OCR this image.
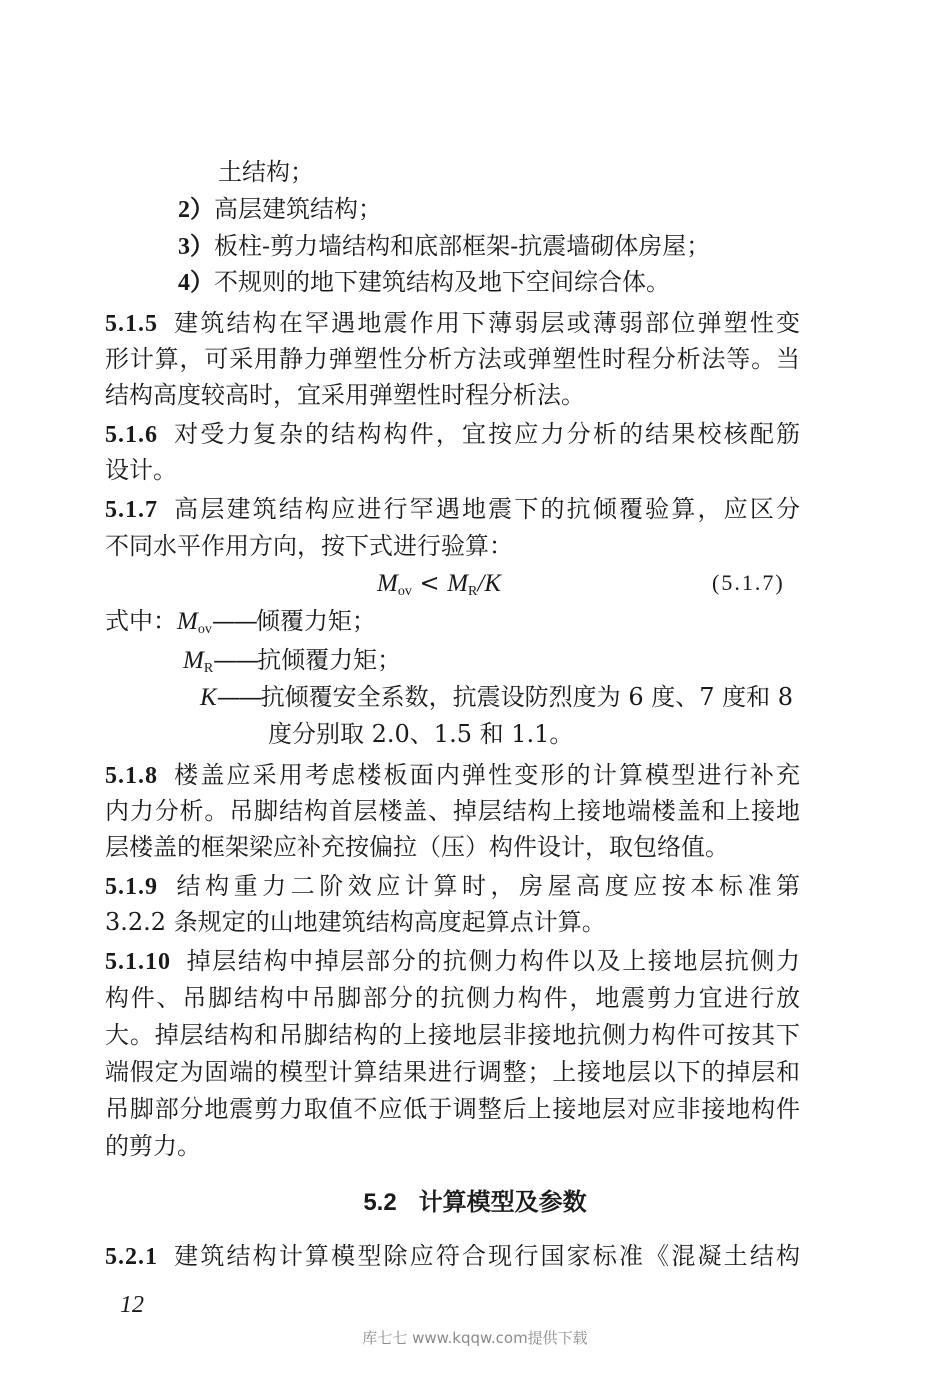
土结构；
2）高层建筑结构；
3）板柱-剪力墙结构和底部框架-抗震墙砌体房屋；
4）不规则的地下建筑结构及地下空间综合体。
5.1.5 建筑结构在罕遇地震作用下薄弱层或薄弱部位弹塑性变
形计算，可采用静力弹塑性分析方法或弹塑性时程分析法等。当
结构高度较高时，宜采用弹塑性时程分析法。
5.1.6 对受力复杂的结构构件，宜按应力分析的结果校核配筋
设计。
5.1.7 高层建筑结构应进行罕遇地震下的抗倾覆验算，应区分
不同水平作用方向，按下式进行验算：
$M_{ov} < M_R/K$	(5.1.7)
式中：$M_{ov}——$倾覆力矩；
$M_R——$抗倾覆力矩；
K——抗倾覆安全系数，抗震设防烈度为 6 度、7 度和 8
度分别取 2.0、1.5 和 1.1。
5.1.8 楼盖应采用考虑楼板面内弹性变形的计算模型进行补充
内力分析。吊脚结构首层楼盖、掉层结构上接地端楼盖和上接地
层楼盖的框架梁应补充按偏拉（压）构件设计，取包络值。
5.1.9 结构重力二阶效应计算时，房屋高度应按本标准第
3.2.2 条规定的山地建筑结构高度起算点计算。
5.1.10 掉层结构中掉层部分的抗侧力构件以及上接地层抗侧力
构件、吊脚结构中吊脚部分的抗侧力构件，地震剪力宜进行放
大。掉层结构和吊脚结构的上接地层非接地抗侧力构件可按其下
端假定为固端的模型计算结果进行调整；上接地层以下的掉层和
吊脚部分地震剪力取值不应低于调整后上接地层对应非接地构件
的剪力。
5.2 计算模型及参数
5.2.1 建筑结构计算模型除应符合现行国家标准《混凝土结构
12
库七七 www.kqqw.com提供下载
